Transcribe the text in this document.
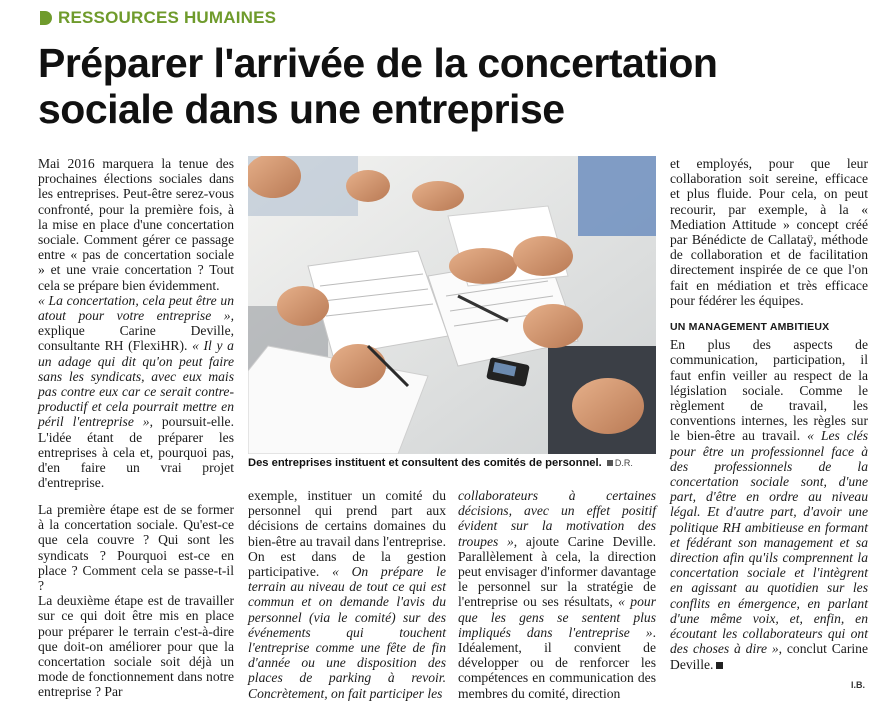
RESSOURCES HUMAINES
Préparer l'arrivée de la concertation sociale dans une entreprise

Mai 2016 marquera la tenue des prochaines élections sociales dans les entreprises. Peut-être serez-vous confronté, pour la première fois, à la mise en place d'une concertation sociale. Comment gérer ce passage entre « pas de concertation sociale » et une vraie concertation ? Tout cela se prépare bien évidemment.

« La concertation, cela peut être un atout pour votre entreprise », explique Carine Deville, consultante RH (FlexiHR). « Il y a un adage qui dit qu'on peut faire sans les syndicats, avec eux mais pas contre eux car ce serait contre-productif et cela pourrait mettre en péril l'entreprise », poursuit-elle. L'idée étant de préparer les entreprises à cela et, pourquoi pas, d'en faire un vrai projet d'entreprise.

La première étape est de se former à la concertation sociale. Qu'est-ce que cela couvre ? Qui sont les syndicats ? Pourquoi est-ce en place ? Comment cela se passe-t-il ?

La deuxième étape est de travailler sur ce qui doit être mis en place pour préparer le terrain c'est-à-dire que doit-on améliorer pour que la concertation sociale soit déjà un mode de fonctionnement dans notre entreprise ? Par

Des entreprises instituent et consultent des comités de personnel. D.R.

exemple, instituer un comité du personnel qui prend part aux décisions de certains domaines du bien-être au travail dans l'entreprise. On est dans de la gestion participative. « On prépare le terrain au niveau de tout ce qui est commun et on demande l'avis du personnel (via le comité) sur des événements qui touchent l'entreprise comme une fête de fin d'année ou une disposition des places de parking à revoir. Concrètement, on fait participer les

collaborateurs à certaines décisions, avec un effet positif évident sur la motivation des troupes », ajoute Carine Deville. Parallèlement à cela, la direction peut envisager d'informer davantage le personnel sur la stratégie de l'entreprise ou ses résultats, « pour que les gens se sentent plus impliqués dans l'entreprise ». Idéalement, il convient de développer ou de renforcer les compétences en communication des membres du comité, direction

et employés, pour que leur collaboration soit sereine, efficace et plus fluide. Pour cela, on peut recourir, par exemple, à la « Mediation Attitude » concept créé par Bénédicte de Callataÿ, méthode de collaboration et de facilitation directement inspirée de ce que l'on fait en médiation et très efficace pour fédérer les équipes.

UN MANAGEMENT AMBITIEUX

En plus des aspects de communication, participation, il faut enfin veiller au respect de la législation sociale. Comme le règlement de travail, les conventions internes, les règles sur le bien-être au travail. « Les clés pour être un professionnel face à des professionnels de la concertation sociale sont, d'une part, d'être en ordre au niveau légal. Et d'autre part, d'avoir une politique RH ambitieuse en formant et fédérant son management et sa direction afin qu'ils comprennent la concertation sociale et l'intègrent en agissant au quotidien sur les conflits en émergence, en parlant d'une même voix, et, enfin, en écoutant les collaborateurs qui ont des choses à dire », conclut Carine Deville.

I.B.
